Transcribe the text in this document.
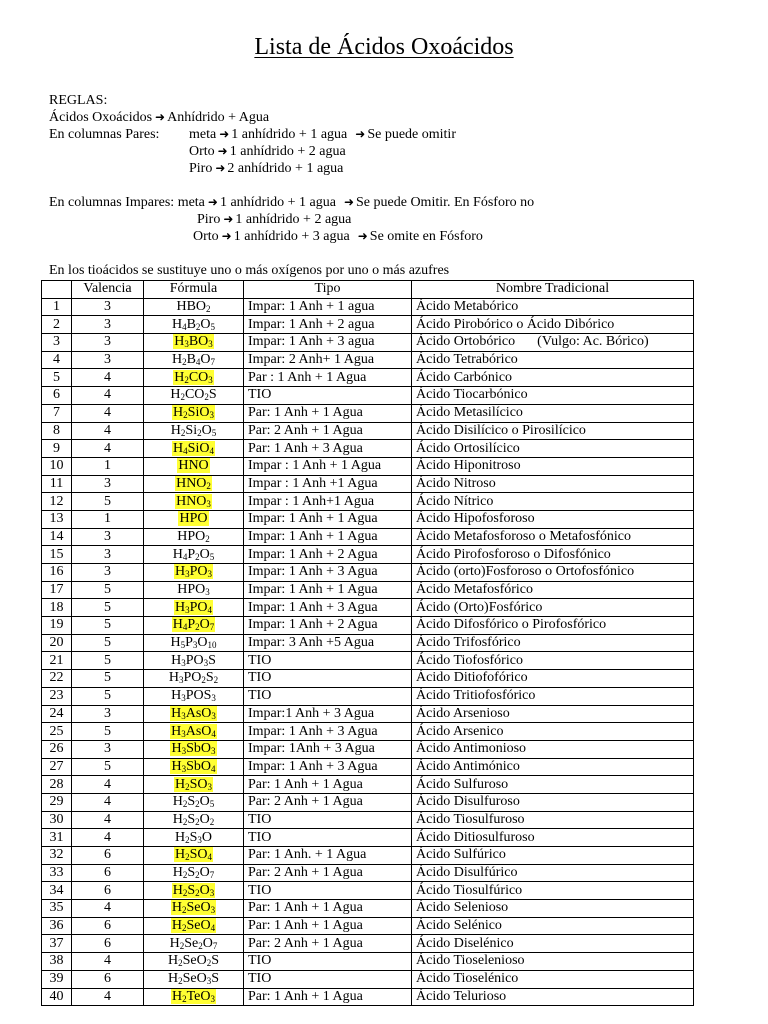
Lista de Ácidos Oxoácidos
REGLAS:
Ácidos Oxoácidos ➜ Anhídrido + Agua
En columnas Pares: meta ➜ 1 anhídrido + 1 agua ➜ Se puede omitir
Orto ➜ 1 anhídrido + 2 agua
Piro ➜ 2 anhídrido + 1 agua
En columnas Impares: meta ➜ 1 anhídrido + 1 agua ➜ Se puede Omitir. En Fósforo no
Piro ➜ 1 anhídrido + 2 agua
Orto ➜ 1 anhídrido + 3 agua ➜ Se omite en Fósforo
En los tioácidos se sustituye uno o más oxígenos por uno o más azufres
	Valencia	Fórmula	Tipo	Nombre Tradicional
1	3	$HBO_2$	Impar: 1 Anh + 1 agua	Ácido Metabórico
2	3	$H_4B_2O_5$	Impar: 1 Anh + 2 agua	Ácido Pirobórico o Ácido Dibórico
3	3	$H_3BO_3$	Impar: 1 Anh + 3 agua	Ácido Ortobórico (Vulgo: Ac. Bórico)
4	3	$H_2B_4O_7$	Impar: 2 Anh+ 1 Agua	Ácido Tetrabórico
5	4	$H_2CO_3$	Par : 1 Anh + 1 Agua	Ácido Carbónico
6	4	$H_2CO_2S$	TIO	Ácido Tiocarbónico
7	4	$H_2SiO_3$	Par: 1 Anh + 1 Agua	Ácido Metasilícico
8	4	$H_2Si_2O_5$	Par: 2 Anh + 1 Agua	Ácido Disilícico o Pirosilícico
9	4	$H_4SiO_4$	Par: 1 Anh + 3 Agua	Ácido Ortosilícico
10	1	HNO	Impar : 1 Anh + 1 Agua	Ácido Hiponitroso
11	3	$HNO_2$	Impar : 1 Anh +1 Agua	Ácido Nitroso
12	5	$HNO_3$	Impar : 1 Anh+1 Agua	Ácido Nítrico
13	1	HPO	Impar: 1 Anh + 1 Agua	Ácido Hipofosforoso
14	3	$HPO_2$	Impar: 1 Anh + 1 Agua	Ácido Metafosforoso o Metafosfónico
15	3	$H_4P_2O_5$	Impar: 1 Anh + 2 Agua	Ácido Pirofosforoso o Difosfónico
16	3	$H_3PO_3$	Impar: 1 Anh + 3 Agua	Ácido (orto)Fosforoso o Ortofosfónico
17	5	$HPO_3$	Impar: 1 Anh + 1 Agua	Ácido Metafosfórico
18	5	$H_3PO_4$	Impar: 1 Anh + 3 Agua	Ácido (Orto)Fosfórico
19	5	$H_4P_2O_7$	Impar: 1 Anh + 2 Agua	Ácido Difosfórico o Pirofosfórico
20	5	$H_5P_3O_{10}$	Impar: 3 Anh +5 Agua	Ácido Trifosfórico
21	5	$H_3PO_3S$	TIO	Ácido Tiofosfórico
22	5	$H_3PO_2S_2$	TIO	Ácido Ditiofofórico
23	5	$H_3POS_3$	TIO	Ácido Tritiofosfórico
24	3	$H_3AsO_3$	Impar:1 Anh + 3 Agua	Ácido Arsenioso
25	5	$H_3AsO_4$	Impar: 1 Anh + 3 Agua	Ácido Arsenico
26	3	$H_3SbO_3$	Impar: 1Anh + 3 Agua	Ácido Antimonioso
27	5	$H_3SbO_4$	Impar: 1 Anh + 3 Agua	Ácido Antimónico
28	4	$H_2SO_3$	Par: 1 Anh + 1 Agua	Ácido Sulfuroso
29	4	$H_2S_2O_5$	Par: 2 Anh + 1 Agua	Ácido Disulfuroso
30	4	$H_2S_2O_2$	TIO	Ácido Tiosulfuroso
31	4	$H_2S_3O$	TIO	Ácido Ditiosulfuroso
32	6	$H_2SO_4$	Par: 1 Anh. + 1 Agua	Ácido Sulfúrico
33	6	$H_2S_2O_7$	Par: 2 Anh + 1 Agua	Ácido Disulfúrico
34	6	$H_2S_2O_3$	TIO	Ácido Tiosulfúrico
35	4	$H_2SeO_3$	Par: 1 Anh + 1 Agua	Ácido Selenioso
36	6	$H_2SeO_4$	Par: 1 Anh + 1 Agua	Ácido Selénico
37	6	$H_2Se_2O_7$	Par: 2 Anh + 1 Agua	Ácido Diselénico
38	4	$H_2SeO_2S$	TIO	Ácido Tioselenioso
39	6	$H_2SeO_3S$	TIO	Ácido Tioselénico
40	4	$H_2TeO_3$	Par: 1 Anh + 1 Agua	Ácido Telurioso
